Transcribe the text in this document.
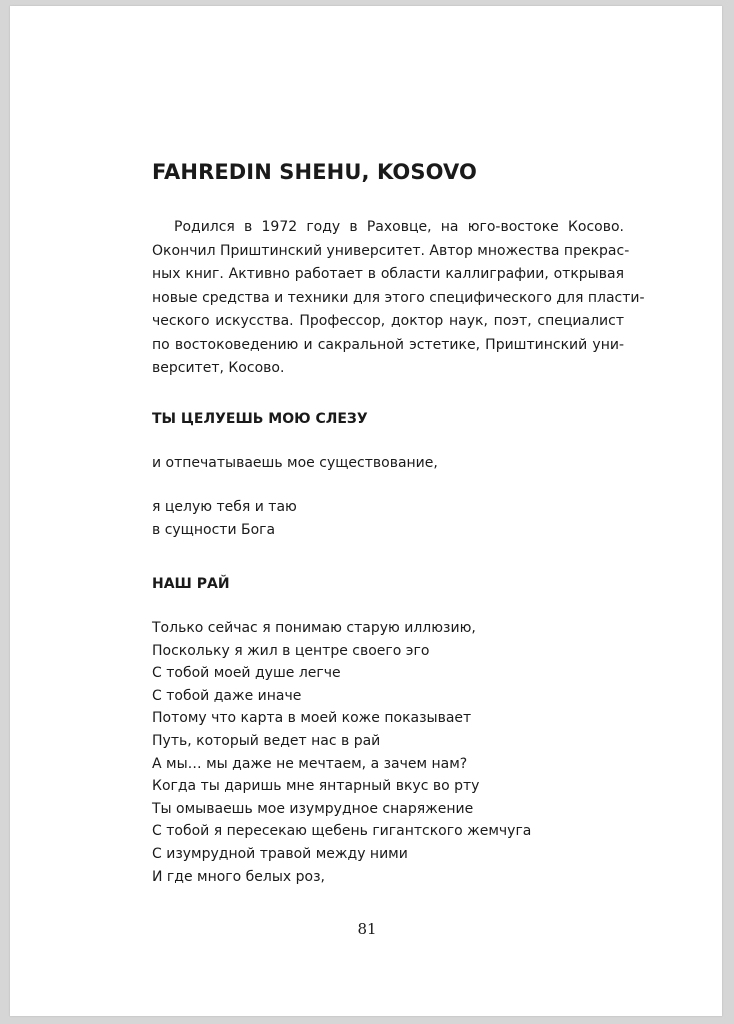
FAHREDIN SHEHU, KOSOVO
Родился в 1972 году в Раховце, на юго-востоке Косово.
Окончил Приштинский университет. Автор множества прекрас-
ных книг. Активно работает в области каллиграфии, открывая
новые средства и техники для этого специфического для пласти-
ческого искусства. Профессор, доктор наук, поэт, специалист
по востоковедению и сакральной эстетике, Приштинский уни-
верситет, Косово.
ТЫ ЦЕЛУЕШЬ МОЮ СЛЕЗУ
и отпечатываешь мое существование,
я целую тебя и таю
в сущности Бога
НАШ РАЙ
Только сейчас я понимаю старую иллюзию,
Поскольку я жил в центре своего эго
С тобой моей душе легче
С тобой даже иначе
Потому что карта в моей коже показывает
Путь, который ведет нас в рай
А мы… мы даже не мечтаем, а зачем нам?
Когда ты даришь мне янтарный вкус во рту
Ты омываешь мое изумрудное снаряжение
С тобой я пересекаю щебень гигантского жемчуга
С изумрудной травой между ними
И где много белых роз,
81
